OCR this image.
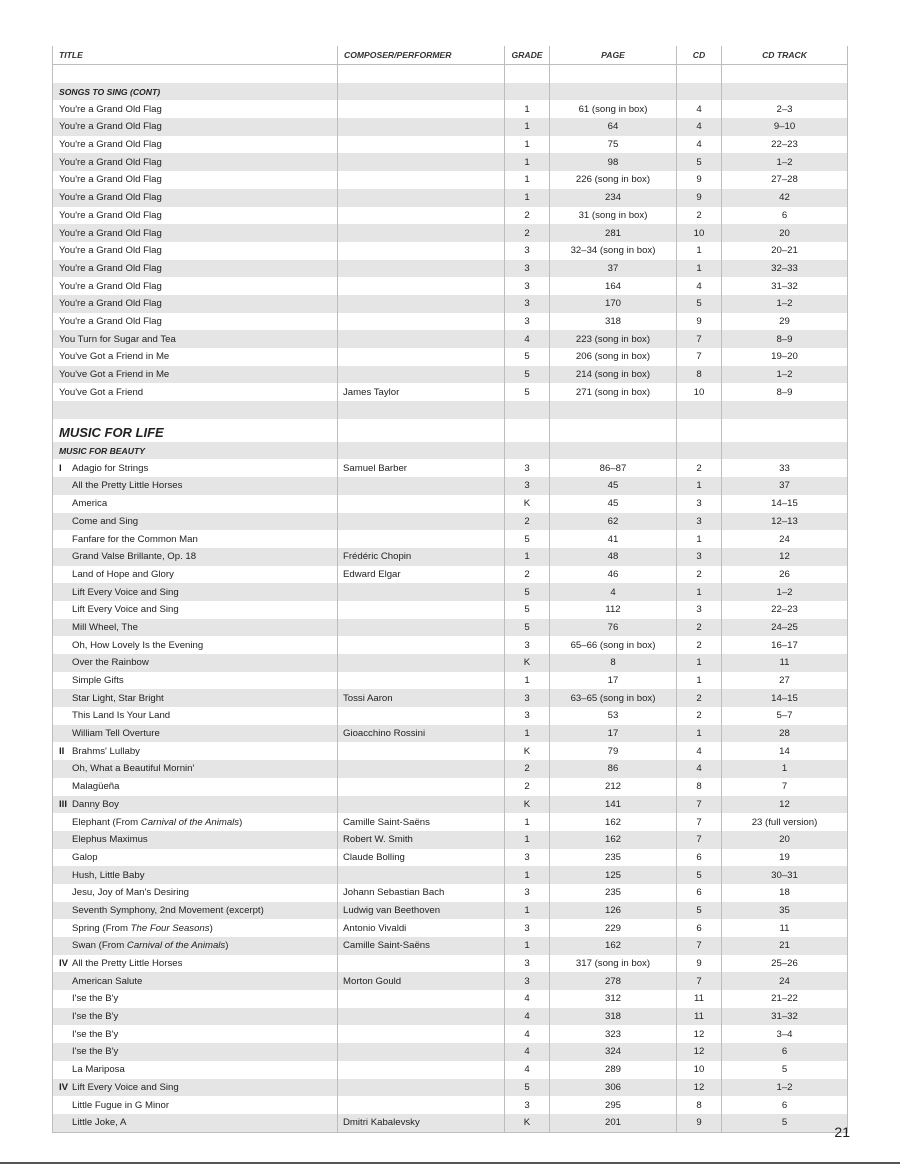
TITLE	COMPOSER/PERFORMER	GRADE	PAGE	CD	CD TRACK

SONGS TO SING (CONT)					
You're a Grand Old Flag		1	61 (song in box)	4	2–3
You're a Grand Old Flag		1	64	4	9–10
You're a Grand Old Flag		1	75	4	22–23
You're a Grand Old Flag		1	98	5	1–2
You're a Grand Old Flag		1	226 (song in box)	9	27–28
You're a Grand Old Flag		1	234	9	42
You're a Grand Old Flag		2	31 (song in box)	2	6
You're a Grand Old Flag		2	281	10	20
You're a Grand Old Flag		3	32–34 (song in box)	1	20–21
You're a Grand Old Flag		3	37	1	32–33
You're a Grand Old Flag		3	164	4	31–32
You're a Grand Old Flag		3	170	5	1–2
You're a Grand Old Flag		3	318	9	29
You Turn for Sugar and Tea		4	223 (song in box)	7	8–9
You've Got a Friend in Me		5	206 (song in box)	7	19–20
You've Got a Friend in Me		5	214 (song in box)	8	1–2
You've Got a Friend	James Taylor	5	271 (song in box)	10	8–9

MUSIC FOR LIFE					
MUSIC FOR BEAUTY					
I Adagio for Strings	Samuel Barber	3	86–87	2	33
All the Pretty Little Horses		3	45	1	37
America		K	45	3	14–15
Come and Sing		2	62	3	12–13
Fanfare for the Common Man		5	41	1	24
Grand Valse Brillante, Op. 18	Frédéric Chopin	1	48	3	12
Land of Hope and Glory	Edward Elgar	2	46	2	26
Lift Every Voice and Sing		5	4	1	1–2
Lift Every Voice and Sing		5	112	3	22–23
Mill Wheel, The		5	76	2	24–25
Oh, How Lovely Is the Evening		3	65–66 (song in box)	2	16–17
Over the Rainbow		K	8	1	11
Simple Gifts		1	17	1	27
Star Light, Star Bright	Tossi Aaron	3	63–65 (song in box)	2	14–15
This Land Is Your Land		3	53	2	5–7
William Tell Overture	Gioacchino Rossini	1	17	1	28
II Brahms' Lullaby		K	79	4	14
Oh, What a Beautiful Mornin'		2	86	4	1
Malagüeña		2	212	8	7
III Danny Boy		K	141	7	12
Elephant (From Carnival of the Animals)	Camille Saint-Saëns	1	162	7	23 (full version)
Elephus Maximus	Robert W. Smith	1	162	7	20
Galop	Claude Bolling	3	235	6	19
Hush, Little Baby		1	125	5	30–31
Jesu, Joy of Man's Desiring	Johann Sebastian Bach	3	235	6	18
Seventh Symphony, 2nd Movement (excerpt)	Ludwig van Beethoven	1	126	5	35
Spring (From The Four Seasons)	Antonio Vivaldi	3	229	6	11
Swan (From Carnival of the Animals)	Camille Saint-Saëns	1	162	7	21
IV All the Pretty Little Horses		3	317 (song in box)	9	25–26
American Salute	Morton Gould	3	278	7	24
I'se the B'y		4	312	11	21–22
I'se the B'y		4	318	11	31–32
I'se the B'y		4	323	12	3–4
I'se the B'y		4	324	12	6
La Mariposa		4	289	10	5
IV Lift Every Voice and Sing		5	306	12	1–2
Little Fugue in G Minor		3	295	8	6
Little Joke, A	Dmitri Kabalevsky	K	201	9	5
21
